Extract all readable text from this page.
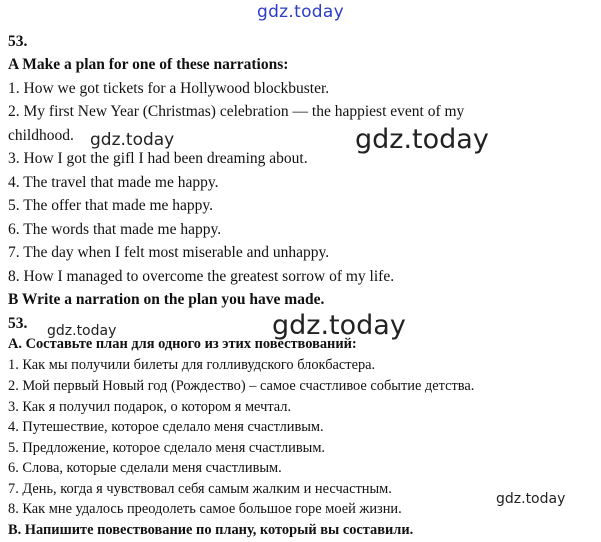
gdz.today
gdz.today	gdz.today
gdz.today	gdz.today
gdz.today
53.
A Make a plan for one of these narrations:
1. How we got tickets for a Hollywood blockbuster.
2. My first New Year (Christmas) celebration — the happiest event of my
childhood.
3. How I got the gifl I had been dreaming about.
4. The travel that made me happy.
5. The offer that made me happy.
6. The words that made me happy.
7. The day when I felt most miserable and unhappy.
8. How I managed to overcome the greatest sorrow of my life.
B Write a narration on the plan you have made.
53.
А. Составьте план для одного из этих повествований:
1. Как мы получили билеты для голливудского блокбастера.
2. Мой первый Новый год (Рождество) – самое счастливое событие детства.
3. Как я получил подарок, о котором я мечтал.
4. Путешествие, которое сделало меня счастливым.
5. Предложение, которое сделало меня счастливым.
6. Слова, которые сделали меня счастливым.
7. День, когда я чувствовал себя самым жалким и несчастным.
8. Как мне удалось преодолеть самое большое горе моей жизни.
В. Напишите повествование по плану, который вы составили.
